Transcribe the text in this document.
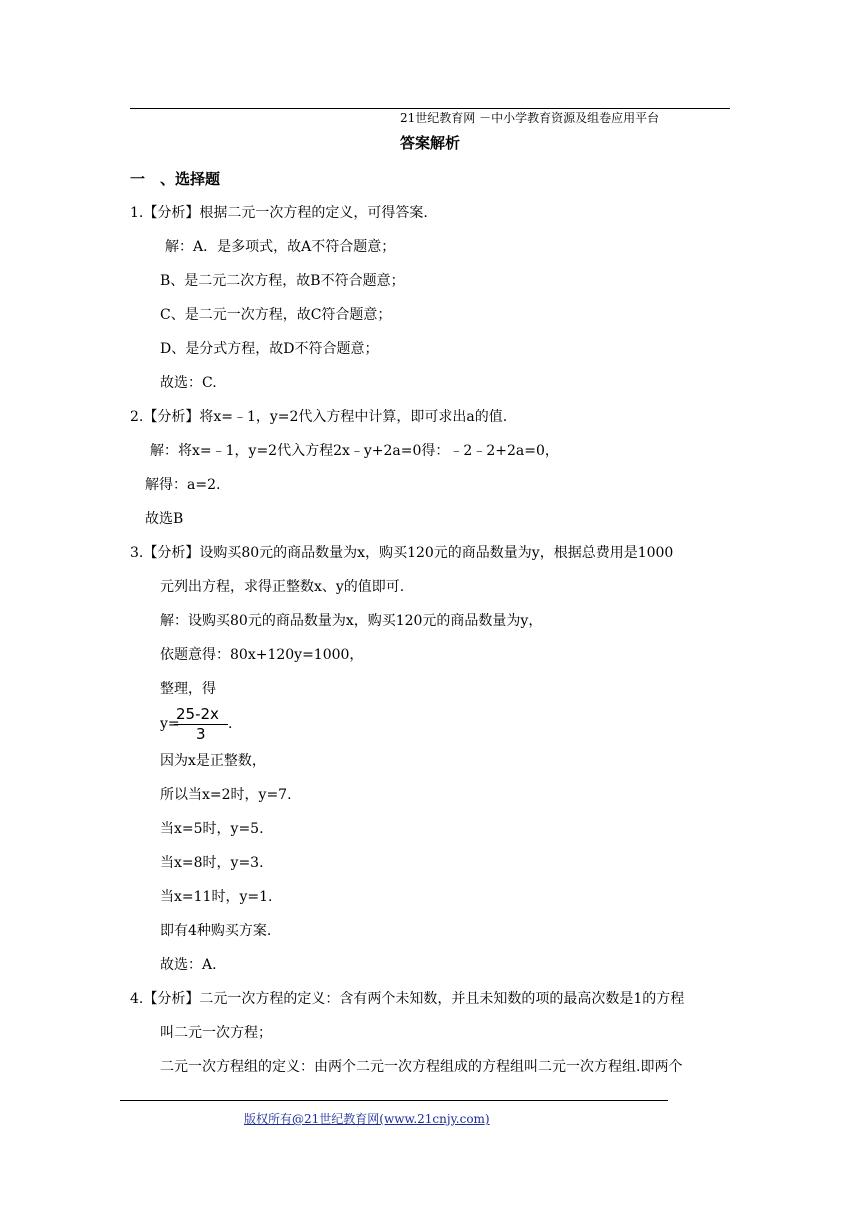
21世纪教育网 －中小学教育资源及组卷应用平台
答案解析
一　、选择题
1.【分析】根据二元一次方程的定义，可得答案.
解：A．是多项式，故A不符合题意；
B、是二元二次方程，故B不符合题意；
C、是二元一次方程，故C符合题意；
D、是分式方程，故D不符合题意；
故选：C.
2.【分析】将x=﹣1，y=2代入方程中计算，即可求出a的值.
解：将x=﹣1，y=2代入方程2x﹣y+2a=0得：﹣2﹣2+2a=0，
解得：a=2.
故选B
3.【分析】设购买80元的商品数量为x，购买120元的商品数量为y，根据总费用是1000
元列出方程，求得正整数x、y的值即可.
解：设购买80元的商品数量为x，购买120元的商品数量为y，
依题意得：80x+120y=1000，
整理，得
y=
25-2x
3
.
因为x是正整数，
所以当x=2时，y=7.
当x=5时，y=5.
当x=8时，y=3.
当x=11时，y=1.
即有4种购买方案.
故选：A.
4.【分析】二元一次方程的定义：含有两个未知数，并且未知数的项的最高次数是1的方程
叫二元一次方程；
二元一次方程组的定义：由两个二元一次方程组成的方程组叫二元一次方程组.即两个
版权所有@21世纪教育网(www.21cnjy.com)
